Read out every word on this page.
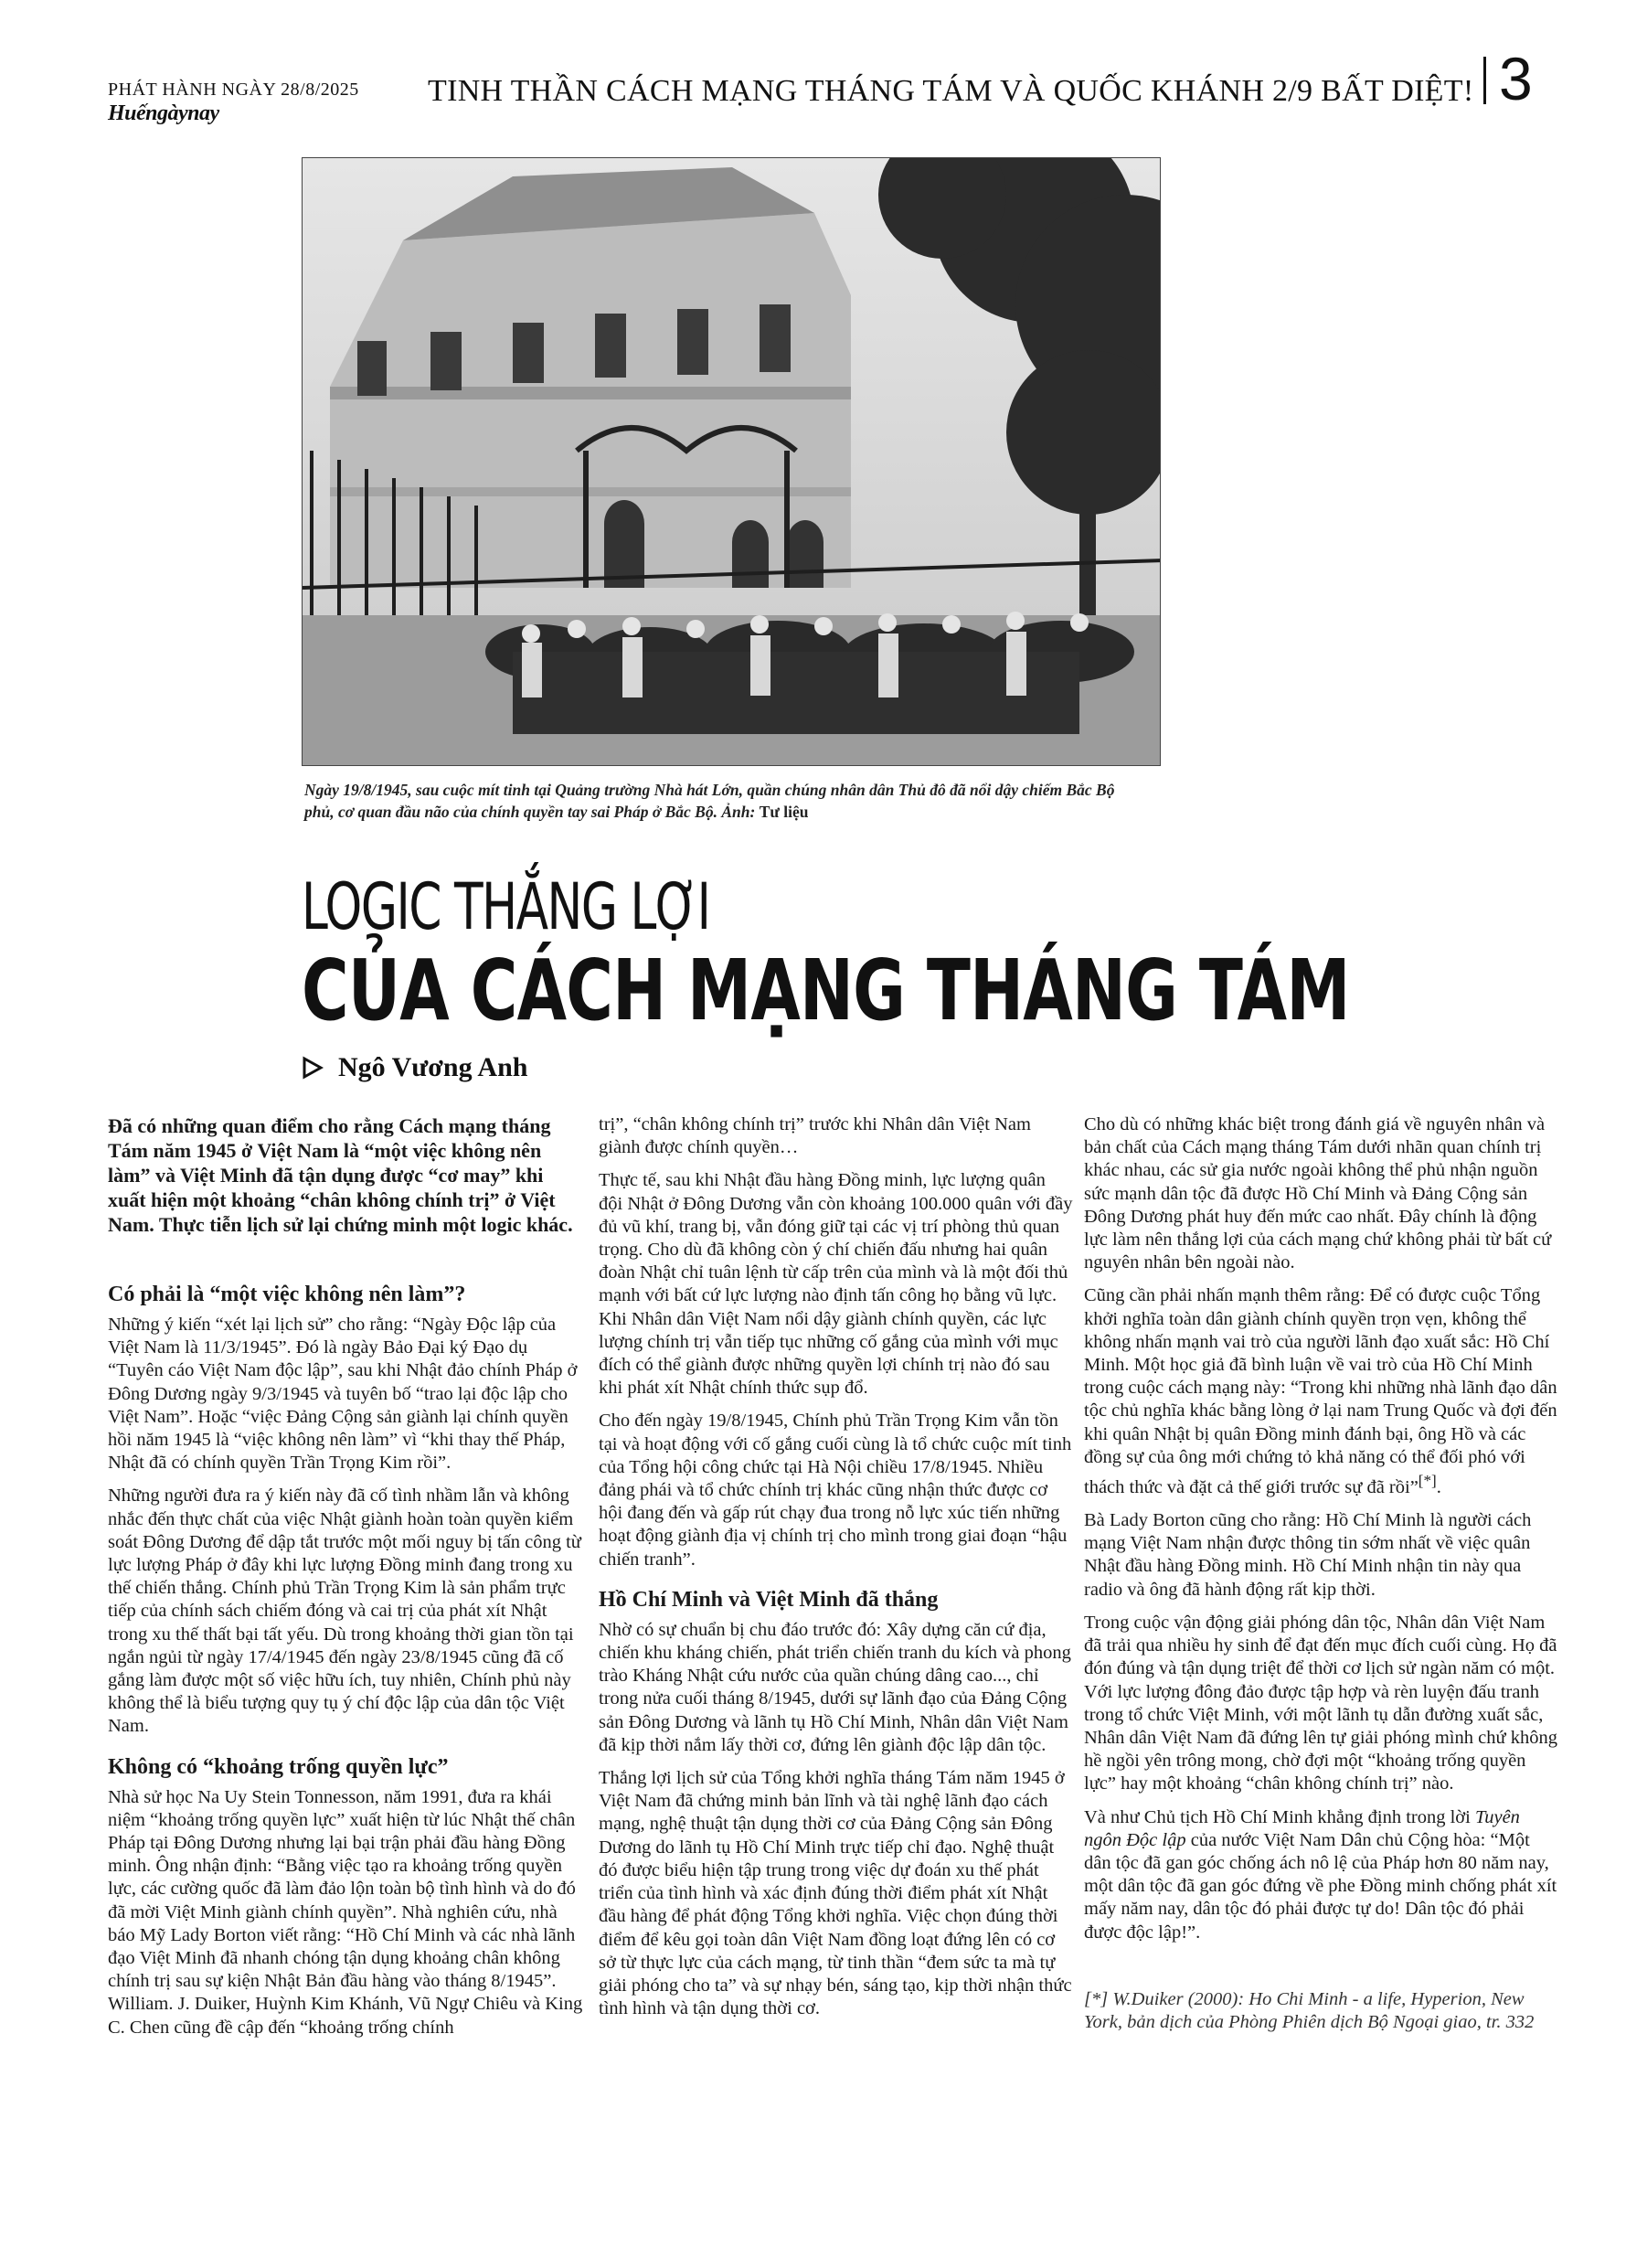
PHÁT HÀNH NGÀY 28/8/2025
Huếngàynay
TINH THẦN CÁCH MẠNG THÁNG TÁM VÀ QUỐC KHÁNH 2/9 BẤT DIỆT! 3
Ngày 19/8/1945, sau cuộc mít tinh tại Quảng trường Nhà hát Lớn, quần chúng nhân dân Thủ đô đã nổi dậy chiếm Bắc Bộ phủ, cơ quan đầu não của chính quyền tay sai Pháp ở Bắc Bộ. Ảnh: Tư liệu
LOGIC THẮNG LỢI
CỦA CÁCH MẠNG THÁNG TÁM
Ngô Vương Anh

Đã có những quan điểm cho rằng Cách mạng tháng Tám năm 1945 ở Việt Nam là “một việc không nên làm” và Việt Minh đã tận dụng được “cơ may” khi xuất hiện một khoảng “chân không chính trị” ở Việt Nam. Thực tiễn lịch sử lại chứng minh một logic khác.

Có phải là “một việc không nên làm”?

Những ý kiến “xét lại lịch sử” cho rằng: “Ngày Độc lập của Việt Nam là 11/3/1945”. Đó là ngày Bảo Đại ký Đạo dụ “Tuyên cáo Việt Nam độc lập”, sau khi Nhật đảo chính Pháp ở Đông Dương ngày 9/3/1945 và tuyên bố “trao lại độc lập cho Việt Nam”. Hoặc “việc Đảng Cộng sản giành lại chính quyền hồi năm 1945 là “việc không nên làm” vì “khi thay thế Pháp, Nhật đã có chính quyền Trần Trọng Kim rồi”.

Những người đưa ra ý kiến này đã cố tình nhầm lẫn và không nhắc đến thực chất của việc Nhật giành hoàn toàn quyền kiểm soát Đông Dương để dập tắt trước một mối nguy bị tấn công từ lực lượng Pháp ở đây khi lực lượng Đồng minh đang trong xu thế chiến thắng. Chính phủ Trần Trọng Kim là sản phẩm trực tiếp của chính sách chiếm đóng và cai trị của phát xít Nhật trong xu thế thất bại tất yếu. Dù trong khoảng thời gian tồn tại ngắn ngủi từ ngày 17/4/1945 đến ngày 23/8/1945 cũng đã cố gắng làm được một số việc hữu ích, tuy nhiên, Chính phủ này không thể là biểu tượng quy tụ ý chí độc lập của dân tộc Việt Nam.

Không có “khoảng trống quyền lực”

Nhà sử học Na Uy Stein Tonnesson, năm 1991, đưa ra khái niệm “khoảng trống quyền lực” xuất hiện từ lúc Nhật thế chân Pháp tại Đông Dương nhưng lại bại trận phải đầu hàng Đồng minh. Ông nhận định: “Bằng việc tạo ra khoảng trống quyền lực, các cường quốc đã làm đảo lộn toàn bộ tình hình và do đó đã mời Việt Minh giành chính quyền”. Nhà nghiên cứu, nhà báo Mỹ Lady Borton viết rằng: “Hồ Chí Minh và các nhà lãnh đạo Việt Minh đã nhanh chóng tận dụng khoảng chân không chính trị sau sự kiện Nhật Bản đầu hàng vào tháng 8/1945”. William. J. Duiker, Huỳnh Kim Khánh, Vũ Ngự Chiêu và King C. Chen cũng đề cập đến “khoảng trống chính

trị”, “chân không chính trị” trước khi Nhân dân Việt Nam giành được chính quyền…

Thực tế, sau khi Nhật đầu hàng Đồng minh, lực lượng quân đội Nhật ở Đông Dương vẫn còn khoảng 100.000 quân với đầy đủ vũ khí, trang bị, vẫn đóng giữ tại các vị trí phòng thủ quan trọng. Cho dù đã không còn ý chí chiến đấu nhưng hai quân đoàn Nhật chỉ tuân lệnh từ cấp trên của mình và là một đối thủ mạnh với bất cứ lực lượng nào định tấn công họ bằng vũ lực. Khi Nhân dân Việt Nam nổi dậy giành chính quyền, các lực lượng chính trị vẫn tiếp tục những cố gắng của mình với mục đích có thể giành được những quyền lợi chính trị nào đó sau khi phát xít Nhật chính thức sụp đổ.

Cho đến ngày 19/8/1945, Chính phủ Trần Trọng Kim vẫn tồn tại và hoạt động với cố gắng cuối cùng là tổ chức cuộc mít tinh của Tổng hội công chức tại Hà Nội chiều 17/8/1945. Nhiều đảng phái và tổ chức chính trị khác cũng nhận thức được cơ hội đang đến và gấp rút chạy đua trong nỗ lực xúc tiến những hoạt động giành địa vị chính trị cho mình trong giai đoạn “hậu chiến tranh”.

Hồ Chí Minh và Việt Minh đã thắng

Nhờ có sự chuẩn bị chu đáo trước đó: Xây dựng căn cứ địa, chiến khu kháng chiến, phát triển chiến tranh du kích và phong trào Kháng Nhật cứu nước của quần chúng dâng cao..., chỉ trong nửa cuối tháng 8/1945, dưới sự lãnh đạo của Đảng Cộng sản Đông Dương và lãnh tụ Hồ Chí Minh, Nhân dân Việt Nam đã kịp thời nắm lấy thời cơ, đứng lên giành độc lập dân tộc.

Thắng lợi lịch sử của Tổng khởi nghĩa tháng Tám năm 1945 ở Việt Nam đã chứng minh bản lĩnh và tài nghệ lãnh đạo cách mạng, nghệ thuật tận dụng thời cơ của Đảng Cộng sản Đông Dương do lãnh tụ Hồ Chí Minh trực tiếp chỉ đạo. Nghệ thuật đó được biểu hiện tập trung trong việc dự đoán xu thế phát triển của tình hình và xác định đúng thời điểm phát xít Nhật đầu hàng để phát động Tổng khởi nghĩa. Việc chọn đúng thời điểm để kêu gọi toàn dân Việt Nam đồng loạt đứng lên có cơ sở từ thực lực của cách mạng, từ tinh thần “đem sức ta mà tự giải phóng cho ta” và sự nhạy bén, sáng tạo, kịp thời nhận thức tình hình và tận dụng thời cơ.

Cho dù có những khác biệt trong đánh giá về nguyên nhân và bản chất của Cách mạng tháng Tám dưới nhãn quan chính trị khác nhau, các sử gia nước ngoài không thể phủ nhận nguồn sức mạnh dân tộc đã được Hồ Chí Minh và Đảng Cộng sản Đông Dương phát huy đến mức cao nhất. Đây chính là động lực làm nên thắng lợi của cách mạng chứ không phải từ bất cứ nguyên nhân bên ngoài nào.

Cũng cần phải nhấn mạnh thêm rằng: Để có được cuộc Tổng khởi nghĩa toàn dân giành chính quyền trọn vẹn, không thể không nhấn mạnh vai trò của người lãnh đạo xuất sắc: Hồ Chí Minh. Một học giả đã bình luận về vai trò của Hồ Chí Minh trong cuộc cách mạng này: “Trong khi những nhà lãnh đạo dân tộc chủ nghĩa khác bằng lòng ở lại nam Trung Quốc và đợi đến khi quân Nhật bị quân Đồng minh đánh bại, ông Hồ và các đồng sự của ông mới chứng tỏ khả năng có thể đối phó với thách thức và đặt cả thế giới trước sự đã rồi”[*].

Bà Lady Borton cũng cho rằng: Hồ Chí Minh là người cách mạng Việt Nam nhận được thông tin sớm nhất về việc quân Nhật đầu hàng Đồng minh. Hồ Chí Minh nhận tin này qua radio và ông đã hành động rất kịp thời.

Trong cuộc vận động giải phóng dân tộc, Nhân dân Việt Nam đã trải qua nhiều hy sinh để đạt đến mục đích cuối cùng. Họ đã đón đúng và tận dụng triệt để thời cơ lịch sử ngàn năm có một. Với lực lượng đông đảo được tập hợp và rèn luyện đấu tranh trong tổ chức Việt Minh, với một lãnh tụ dẫn đường xuất sắc, Nhân dân Việt Nam đã đứng lên tự giải phóng mình chứ không hề ngồi yên trông mong, chờ đợi một “khoảng trống quyền lực” hay một khoảng “chân không chính trị” nào.

Và như Chủ tịch Hồ Chí Minh khẳng định trong lời Tuyên ngôn Độc lập của nước Việt Nam Dân chủ Cộng hòa: “Một dân tộc đã gan góc chống ách nô lệ của Pháp hơn 80 năm nay, một dân tộc đã gan góc đứng về phe Đồng minh chống phát xít mấy năm nay, dân tộc đó phải được tự do! Dân tộc đó phải được độc lập!”.

[*] W.Duiker (2000): Ho Chi Minh - a life, Hyperion, New York, bản dịch của Phòng Phiên dịch Bộ Ngoại giao, tr. 332
